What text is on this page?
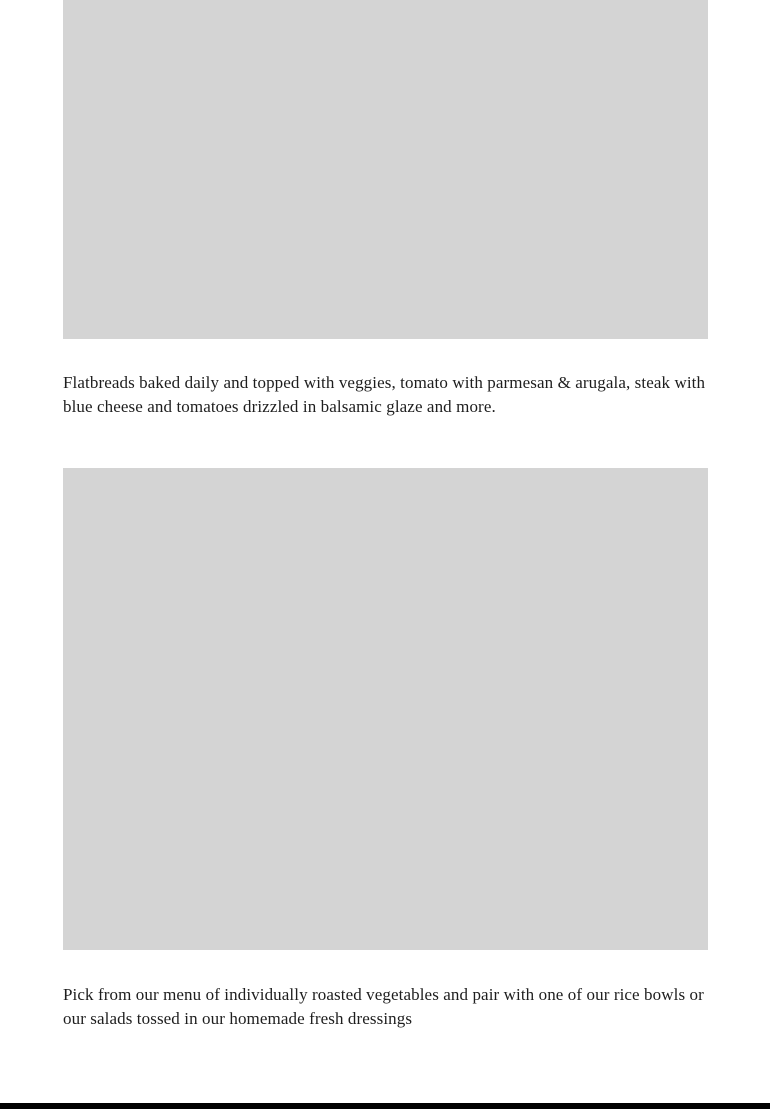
Flatbreads baked daily and topped with veggies, tomato with parmesan & arugala, steak with blue cheese and tomatoes drizzled in balsamic glaze and more.

Pick from our menu of individually roasted vegetables and pair with one of our rice bowls or our salads tossed in our homemade fresh dressings
